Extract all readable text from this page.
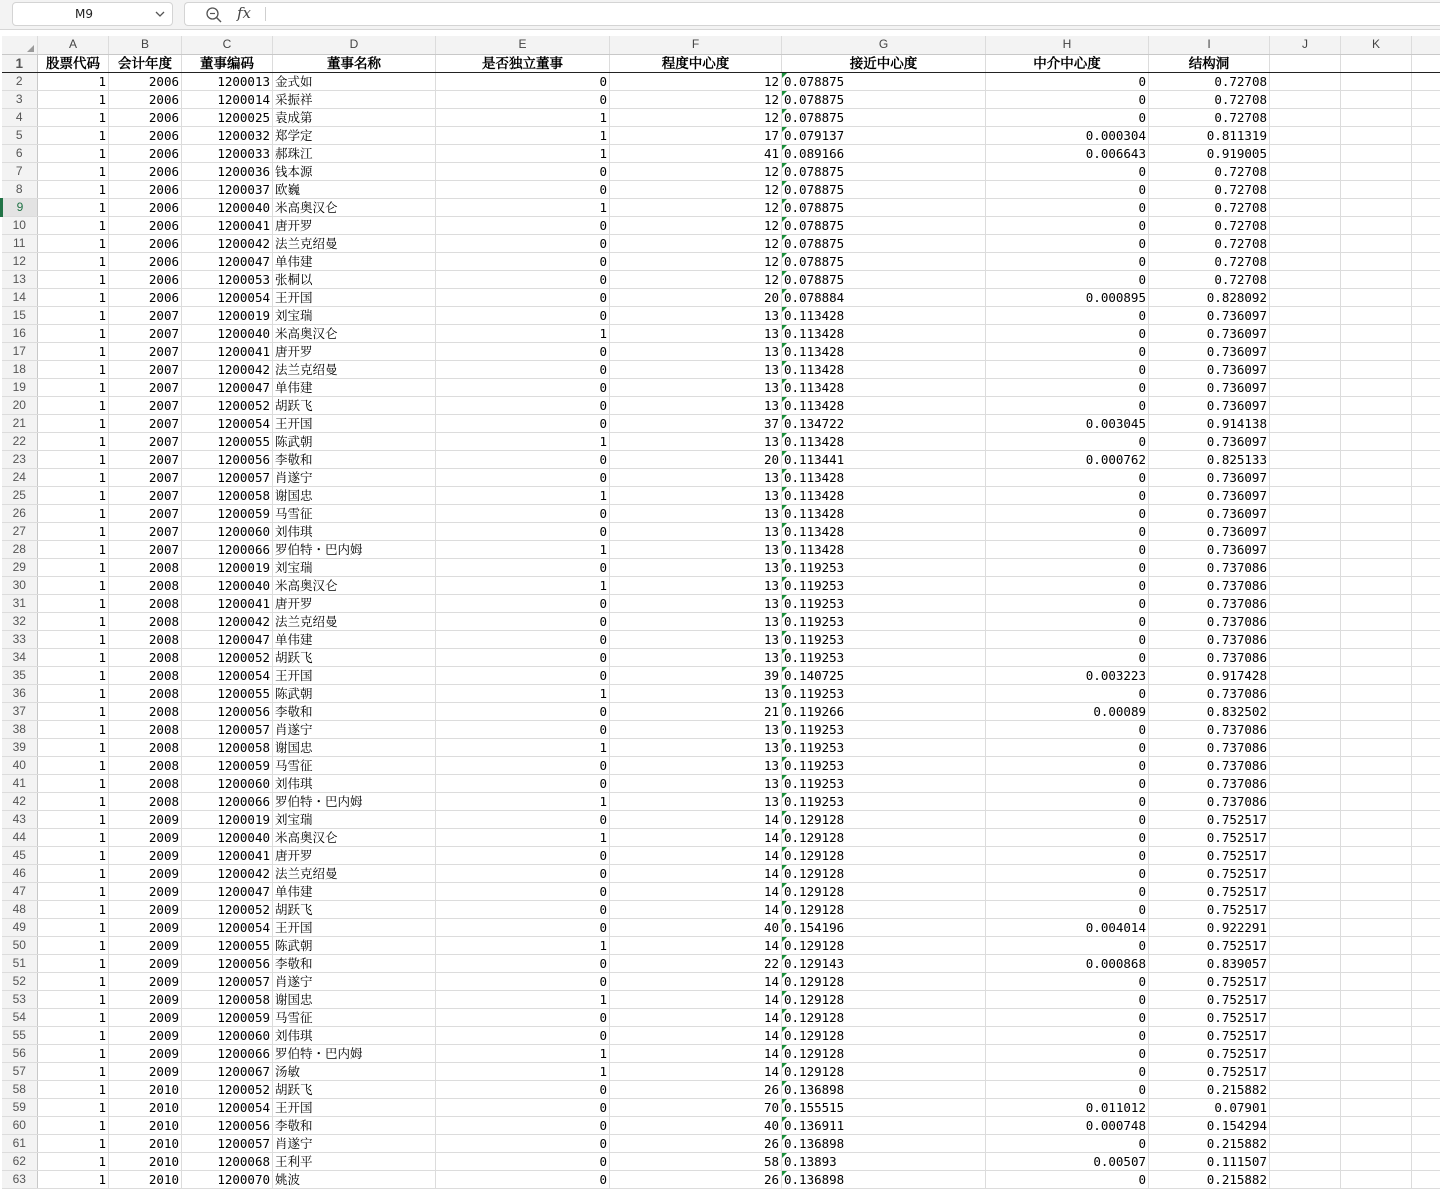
M9	fx
	A	B	C	D	E	F	G	H	I	J	K	
1	股票代码	会计年度	董事编码	董事名称	是否独立董事	程度中心度	接近中心度	中介中心度	结构洞			
2	1	2006	1200013	金式如	0	12	0.078875	0	0.72708			
3	1	2006	1200014	采振祥	0	12	0.078875	0	0.72708			
4	1	2006	1200025	袁成第	1	12	0.078875	0	0.72708			
5	1	2006	1200032	郑学定	1	17	0.079137	0.000304	0.811319			
6	1	2006	1200033	郝珠江	1	41	0.089166	0.006643	0.919005			
7	1	2006	1200036	钱本源	0	12	0.078875	0	0.72708			
8	1	2006	1200037	欧巍	0	12	0.078875	0	0.72708			
9	1	2006	1200040	米高奥汉仑	1	12	0.078875	0	0.72708			
10	1	2006	1200041	唐开罗	0	12	0.078875	0	0.72708			
11	1	2006	1200042	法兰克绍曼	0	12	0.078875	0	0.72708			
12	1	2006	1200047	单伟建	0	12	0.078875	0	0.72708			
13	1	2006	1200053	张桐以	0	12	0.078875	0	0.72708			
14	1	2006	1200054	王开国	0	20	0.078884	0.000895	0.828092			
15	1	2007	1200019	刘宝瑞	0	13	0.113428	0	0.736097			
16	1	2007	1200040	米高奥汉仑	1	13	0.113428	0	0.736097			
17	1	2007	1200041	唐开罗	0	13	0.113428	0	0.736097			
18	1	2007	1200042	法兰克绍曼	0	13	0.113428	0	0.736097			
19	1	2007	1200047	单伟建	0	13	0.113428	0	0.736097			
20	1	2007	1200052	胡跃飞	0	13	0.113428	0	0.736097			
21	1	2007	1200054	王开国	0	37	0.134722	0.003045	0.914138			
22	1	2007	1200055	陈武朝	1	13	0.113428	0	0.736097			
23	1	2007	1200056	李敬和	0	20	0.113441	0.000762	0.825133			
24	1	2007	1200057	肖遂宁	0	13	0.113428	0	0.736097			
25	1	2007	1200058	谢国忠	1	13	0.113428	0	0.736097			
26	1	2007	1200059	马雪征	0	13	0.113428	0	0.736097			
27	1	2007	1200060	刘伟琪	0	13	0.113428	0	0.736097			
28	1	2007	1200066	罗伯特・巴内姆	1	13	0.113428	0	0.736097			
29	1	2008	1200019	刘宝瑞	0	13	0.119253	0	0.737086			
30	1	2008	1200040	米高奥汉仑	1	13	0.119253	0	0.737086			
31	1	2008	1200041	唐开罗	0	13	0.119253	0	0.737086			
32	1	2008	1200042	法兰克绍曼	0	13	0.119253	0	0.737086			
33	1	2008	1200047	单伟建	0	13	0.119253	0	0.737086			
34	1	2008	1200052	胡跃飞	0	13	0.119253	0	0.737086			
35	1	2008	1200054	王开国	0	39	0.140725	0.003223	0.917428			
36	1	2008	1200055	陈武朝	1	13	0.119253	0	0.737086			
37	1	2008	1200056	李敬和	0	21	0.119266	0.00089	0.832502			
38	1	2008	1200057	肖遂宁	0	13	0.119253	0	0.737086			
39	1	2008	1200058	谢国忠	1	13	0.119253	0	0.737086			
40	1	2008	1200059	马雪征	0	13	0.119253	0	0.737086			
41	1	2008	1200060	刘伟琪	0	13	0.119253	0	0.737086			
42	1	2008	1200066	罗伯特・巴内姆	1	13	0.119253	0	0.737086			
43	1	2009	1200019	刘宝瑞	0	14	0.129128	0	0.752517			
44	1	2009	1200040	米高奥汉仑	1	14	0.129128	0	0.752517			
45	1	2009	1200041	唐开罗	0	14	0.129128	0	0.752517			
46	1	2009	1200042	法兰克绍曼	0	14	0.129128	0	0.752517			
47	1	2009	1200047	单伟建	0	14	0.129128	0	0.752517			
48	1	2009	1200052	胡跃飞	0	14	0.129128	0	0.752517			
49	1	2009	1200054	王开国	0	40	0.154196	0.004014	0.922291			
50	1	2009	1200055	陈武朝	1	14	0.129128	0	0.752517			
51	1	2009	1200056	李敬和	0	22	0.129143	0.000868	0.839057			
52	1	2009	1200057	肖遂宁	0	14	0.129128	0	0.752517			
53	1	2009	1200058	谢国忠	1	14	0.129128	0	0.752517			
54	1	2009	1200059	马雪征	0	14	0.129128	0	0.752517			
55	1	2009	1200060	刘伟琪	0	14	0.129128	0	0.752517			
56	1	2009	1200066	罗伯特・巴内姆	1	14	0.129128	0	0.752517			
57	1	2009	1200067	汤敏	1	14	0.129128	0	0.752517			
58	1	2010	1200052	胡跃飞	0	26	0.136898	0	0.215882			
59	1	2010	1200054	王开国	0	70	0.155515	0.011012	0.07901			
60	1	2010	1200056	李敬和	0	40	0.136911	0.000748	0.154294			
61	1	2010	1200057	肖遂宁	0	26	0.136898	0	0.215882			
62	1	2010	1200068	王利平	0	58	0.13893	0.00507	0.111507			
63	1	2010	1200070	姚波	0	26	0.136898	0	0.215882			
